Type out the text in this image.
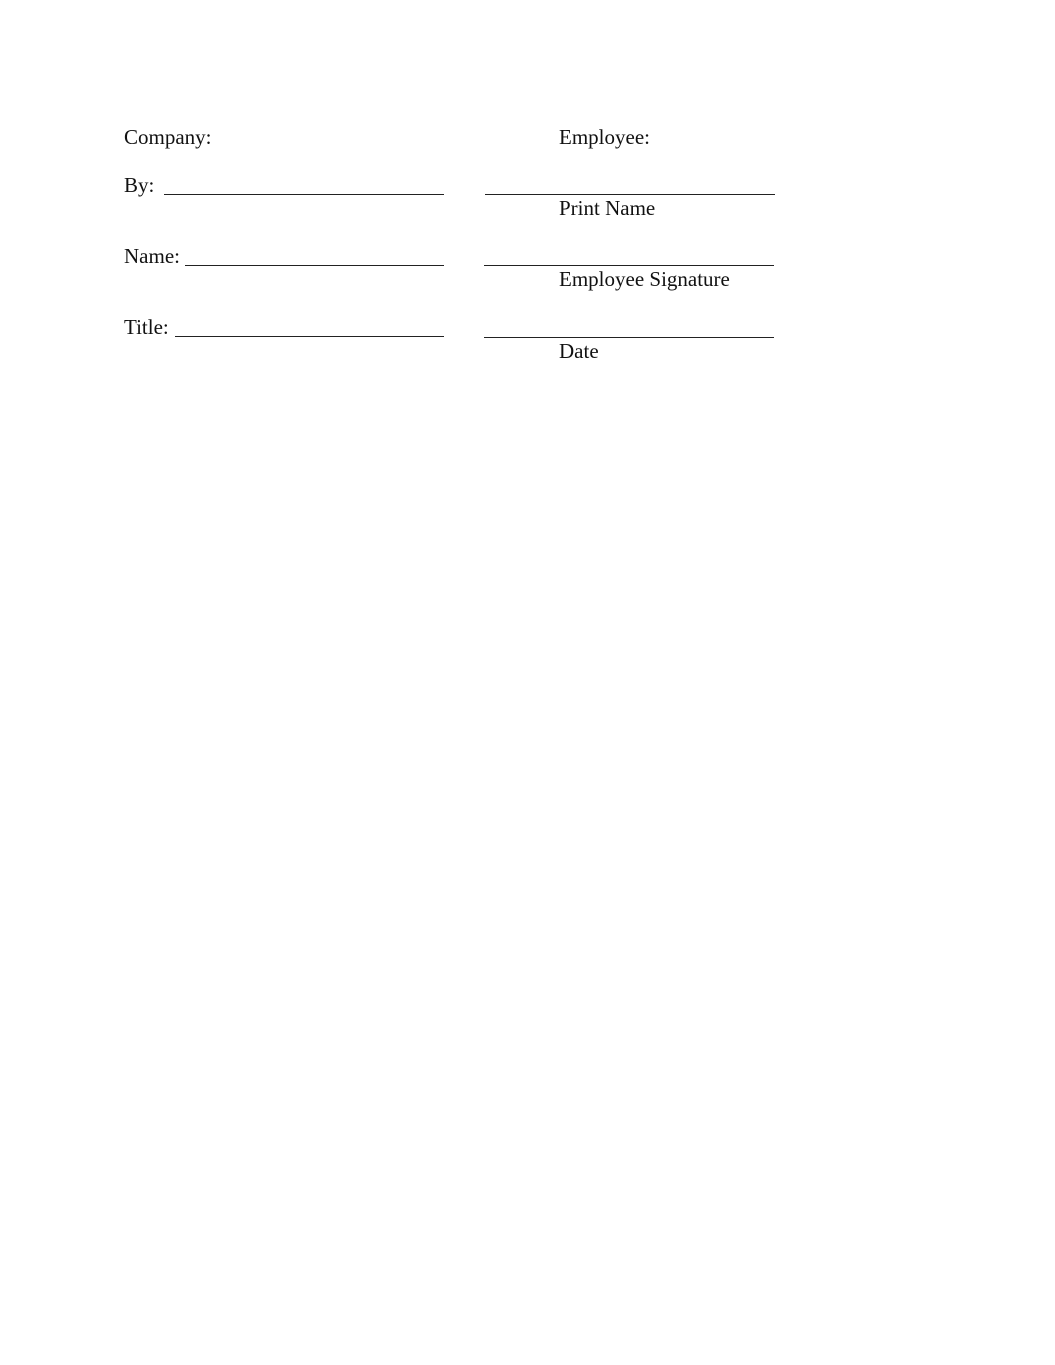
Company:
By:
Name:
Title:
Employee:
Print Name
Employee Signature
Date
